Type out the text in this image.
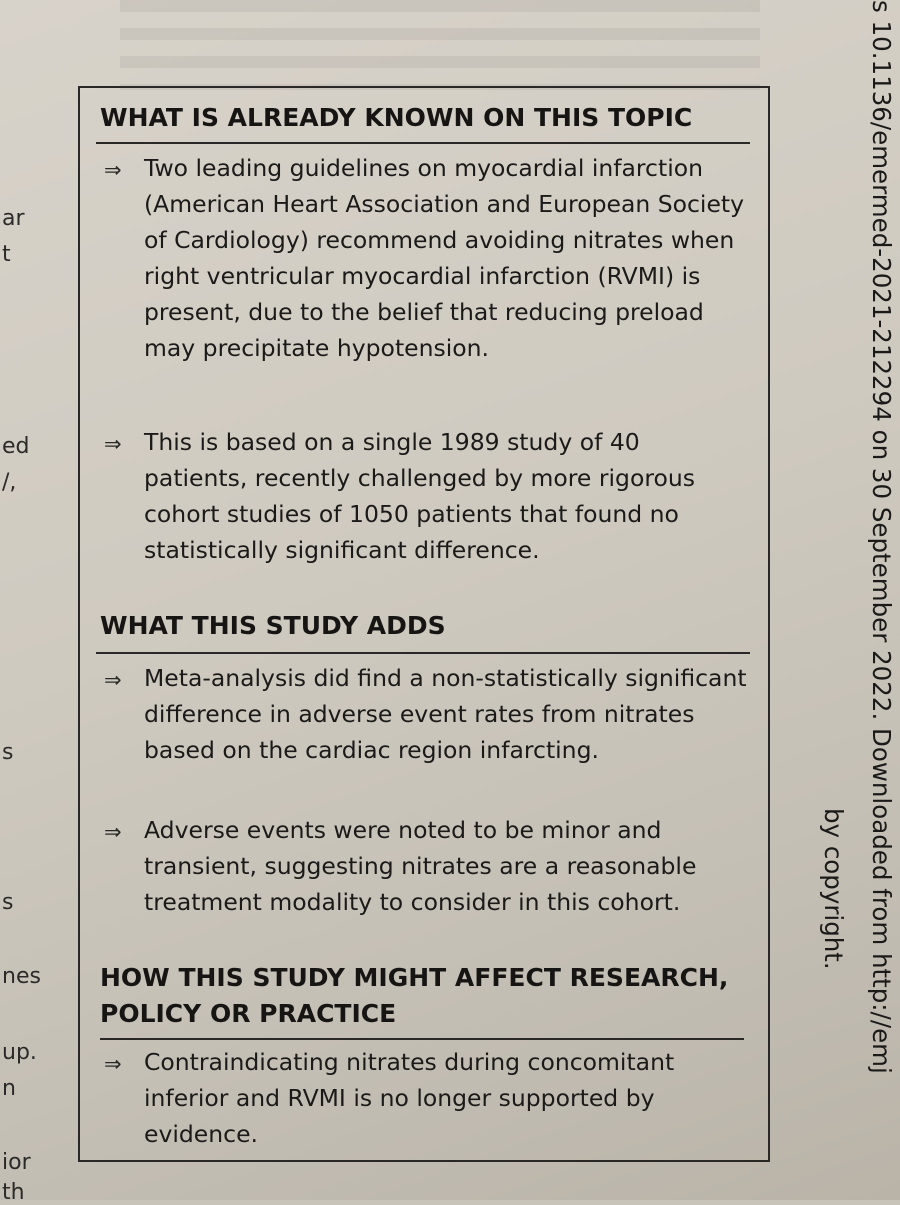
ar
t
ed
/,
s
s
nes
up.
n
ior
th
WHAT IS ALREADY KNOWN ON THIS TOPIC
⇒ Two leading guidelines on myocardial infarction (American Heart Association and European Society of Cardiology) recommend avoiding nitrates when right ventricular myocardial infarction (RVMI) is present, due to the belief that reducing preload may precipitate hypotension.
⇒ This is based on a single 1989 study of 40 patients, recently challenged by more rigorous cohort studies of 1050 patients that found no statistically significant difference.
WHAT THIS STUDY ADDS
⇒ Meta-analysis did find a non-statistically significant difference in adverse event rates from nitrates based on the cardiac region infarcting.
⇒ Adverse events were noted to be minor and transient, suggesting nitrates are a reasonable treatment modality to consider in this cohort.
HOW THIS STUDY MIGHT AFFECT RESEARCH, POLICY OR PRACTICE
⇒ Contraindicating nitrates during concomitant inferior and RVMI is no longer supported by evidence.
s 10.1136/emermed-2021-212294 on 30 September 2022. Downloaded from http://emj
by copyright.
